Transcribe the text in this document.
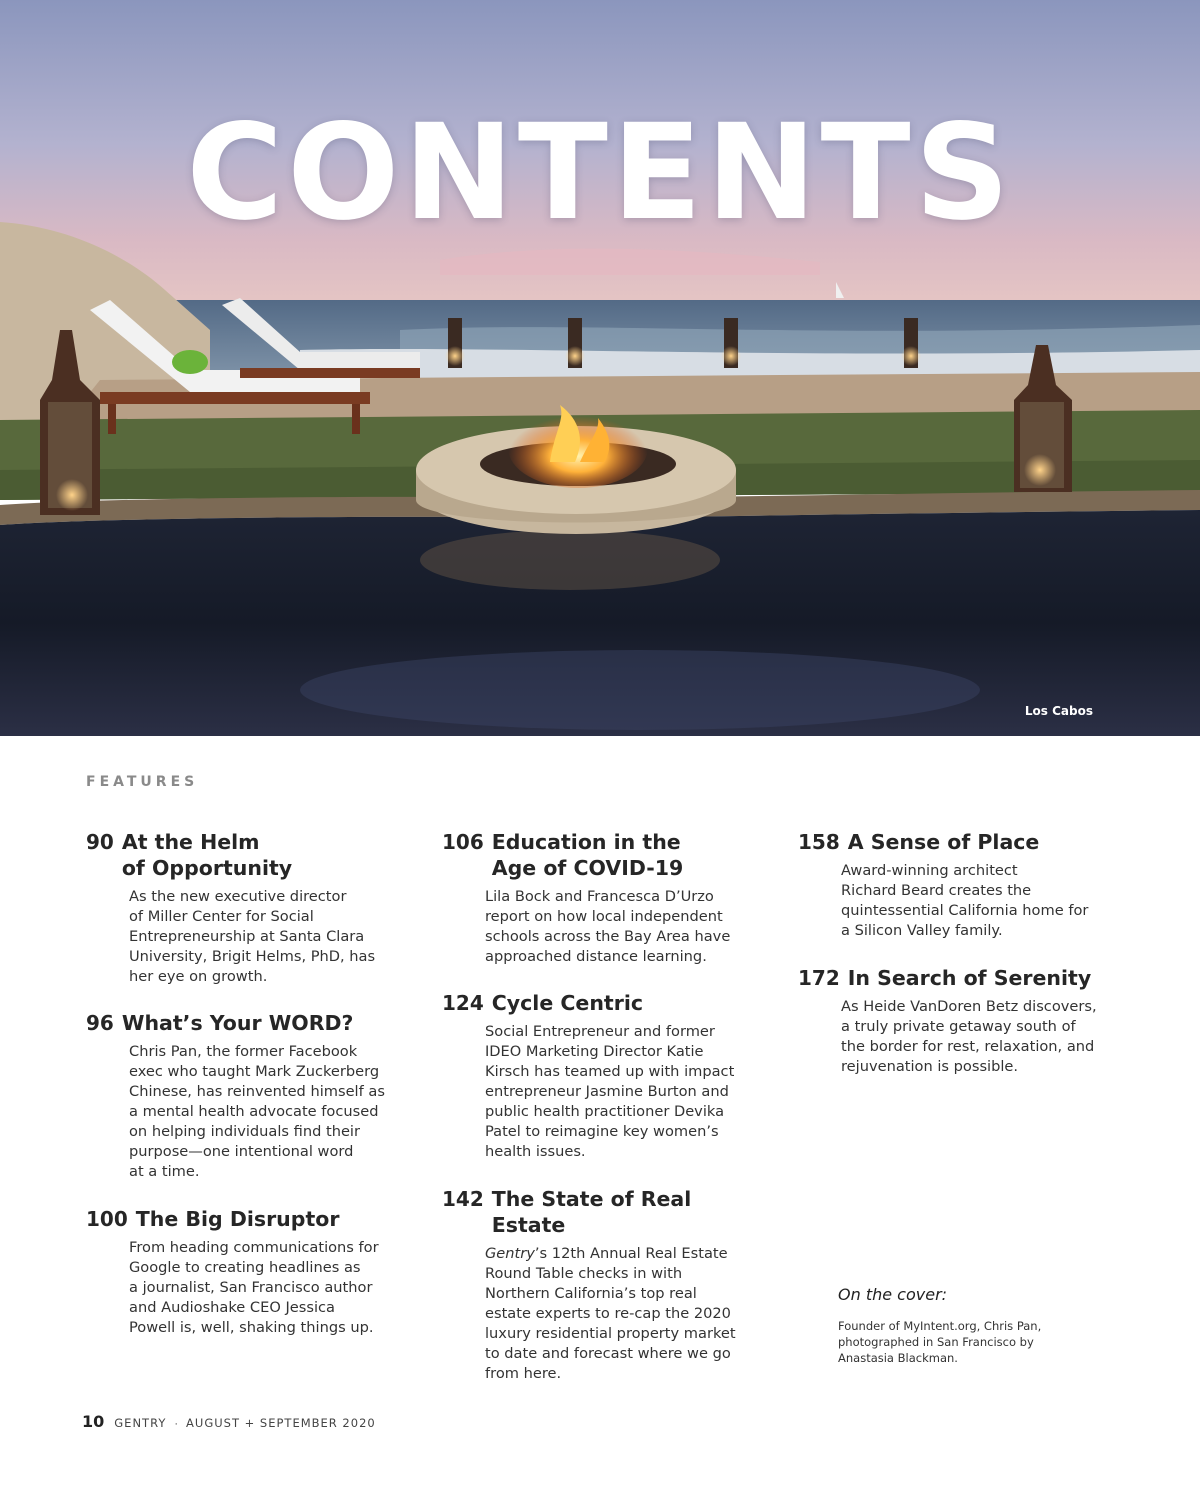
CONTENTS
Los Cabos
FEATURES
90 At the Helm
of Opportunity
As the new executive director
of Miller Center for Social
Entrepreneurship at Santa Clara
University, Brigit Helms, PhD, has
her eye on growth.
96 What’s Your WORD?
Chris Pan, the former Facebook
exec who taught Mark Zuckerberg
Chinese, has reinvented himself as
a mental health advocate focused
on helping individuals find their
purpose—one intentional word
at a time.
100 The Big Disruptor
From heading communications for
Google to creating headlines as
a journalist, San Francisco author
and Audioshake CEO Jessica
Powell is, well, shaking things up.
106 Education in the
Age of COVID-19
Lila Bock and Francesca D’Urzo
report on how local independent
schools across the Bay Area have
approached distance learning.
124 Cycle Centric
Social Entrepreneur and former
IDEO Marketing Director Katie
Kirsch has teamed up with impact
entrepreneur Jasmine Burton and
public health practitioner Devika
Patel to reimagine key women’s
health issues.
142 The State of Real Estate
Gentry’s 12th Annual Real Estate
Round Table checks in with
Northern California’s top real
estate experts to re-cap the 2020
luxury residential property market
to date and forecast where we go
from here.
158 A Sense of Place
Award-winning architect
Richard Beard creates the
quintessential California home for
a Silicon Valley family.
172 In Search of Serenity
As Heide VanDoren Betz discovers,
a truly private getaway south of
the border for rest, relaxation, and
rejuvenation is possible.
On the cover:
Founder of MyIntent.org, Chris Pan,
photographed in San Francisco by
Anastasia Blackman.
10 GENTRY · AUGUST + SEPTEMBER 2020
